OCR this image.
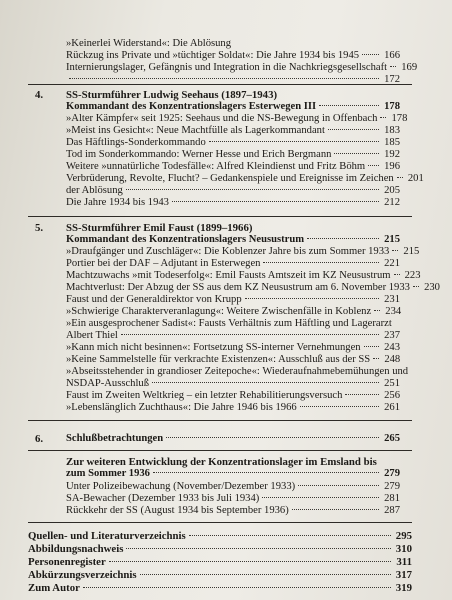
»Keinerlei Widerstand«: Die Ablösung
Rückzug ins Private und »tüchtiger Soldat«: Die Jahre 1934 bis 1945 166
Internierungslager, Gefängnis und Integration in die Nachkriegsgesellschaft 169
172
4. SS-Sturmführer Ludwig Seehaus (1897–1943)
Kommandant des Konzentrationslagers Esterwegen III	178
»Alter Kämpfer« seit 1925: Seehaus und die NS-Bewegung in Offenbach 178
»Meist ins Gesicht«: Neue Machtfülle als Lagerkommandant	183
Das Häftlings-Sonderkommando	185
Tod im Sonderkommando: Werner Hesse und Erich Bergmann	192
Weitere »unnatürliche Todesfälle«: Alfred Kleindienst und Fritz Böhm 196
Verbrüderung, Revolte, Flucht? – Gedankenspiele und Ereignisse im Zeichen 201
der Ablösung	205
Die Jahre 1934 bis 1943	212
5. SS-Sturmführer Emil Faust (1899–1966)
Kommandant des Konzentrationslagers Neusustrum	215
»Draufgänger und Zuschläger«: Die Koblenzer Jahre bis zum Sommer 1933 215
Portier bei der DAF – Adjutant in Esterwegen	221
Machtzuwachs »mit Todeserfolg«: Emil Fausts Amtszeit im KZ Neusustrum 223
Machtverlust: Der Abzug der SS aus dem KZ Neusustrum am 6. November 1933 230
Faust und der Generaldirektor von Krupp	231
»Schwierige Charakterveranlagung«: Weitere Zwischenfälle in Koblenz 234
»Ein ausgesprochener Sadist«: Fausts Verhältnis zum Häftling und Lagerarzt
Albert Thiel	237
»Kann mich nicht besinnen«: Fortsetzung SS-interner Vernehmungen 243
»Keine Sammelstelle für verkrachte Existenzen«: Ausschluß aus der SS 248
»Abseitsstehender in grandioser Zeitepoche«: Wiederaufnahmebemühungen und
NSDAP-Ausschluß	251
Faust im Zweiten Weltkrieg – ein letzter Rehabilitierungsversuch	256
»Lebenslänglich Zuchthaus«: Die Jahre 1946 bis 1966	261
6. Schlußbetrachtungen	265
Zur weiteren Entwicklung der Konzentrationslager im Emsland bis
zum Sommer 1936	279
Unter Polizeibewachung (November/Dezember 1933)	279
SA-Bewacher (Dezember 1933 bis Juli 1934)	281
Rückkehr der SS (August 1934 bis September 1936)	287
Quellen- und Literaturverzeichnis	295
Abbildungsnachweis	310
Personenregister	311
Abkürzungsverzeichnis	317
Zum Autor	319
